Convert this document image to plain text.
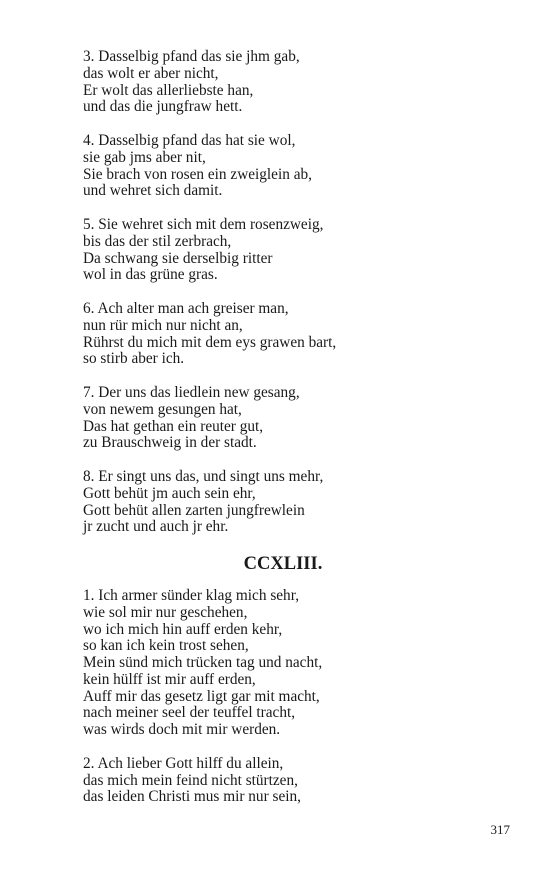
3. Dasselbig pfand das sie jhm gab,
das wolt er aber nicht,
Er wolt das allerliebste han,
und das die jungfraw hett.
4. Dasselbig pfand das hat sie wol,
sie gab jms aber nit,
Sie brach von rosen ein zweiglein ab,
und wehret sich damit.
5. Sie wehret sich mit dem rosenzweig,
bis das der stil zerbrach,
Da schwang sie derselbig ritter
wol in das grüne gras.
6. Ach alter man ach greiser man,
nun rür mich nur nicht an,
Rührst du mich mit dem eys grawen bart,
so stirb aber ich.
7. Der uns das liedlein new gesang,
von newem gesungen hat,
Das hat gethan ein reuter gut,
zu Brauschweig in der stadt.
8. Er singt uns das, und singt uns mehr,
Gott behüt jm auch sein ehr,
Gott behüt allen zarten jungfrewlein
jr zucht und auch jr ehr.
CCXLIII.
1. Ich armer sünder klag mich sehr,
wie sol mir nur geschehen,
wo ich mich hin auff erden kehr,
so kan ich kein trost sehen,
Mein sünd mich trücken tag und nacht,
kein hülff ist mir auff erden,
Auff mir das gesetz ligt gar mit macht,
nach meiner seel der teuffel tracht,
was wirds doch mit mir werden.
2. Ach lieber Gott hilff du allein,
das mich mein feind nicht stürtzen,
das leiden Christi mus mir nur sein,
317
